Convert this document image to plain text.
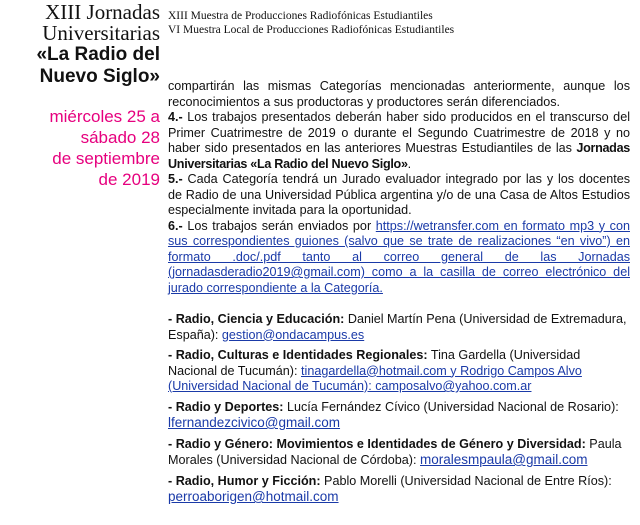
XIII Jornadas
Universitarias
«La Radio del
Nuevo Siglo»
miércoles 25 a
sábado 28
de septiembre
de 2019
XIII Muestra de Producciones Radiofónicas Estudiantiles
VI Muestra Local de Producciones Radiofónicas Estudiantiles

compartirán las mismas Categorías mencionadas anteriormente, aunque los reconocimientos a sus productoras y productores serán diferenciados.

4.- Los trabajos presentados deberán haber sido producidos en el transcurso del Primer Cuatrimestre de 2019 o durante el Segundo Cuatrimestre de 2018 y no haber sido presentados en las anteriores Muestras Estudiantiles de las Jornadas Universitarias «La Radio del Nuevo Siglo».

5.- Cada Categoría tendrá un Jurado evaluador integrado por las y los docentes de Radio de una Universidad Pública argentina y/o de una Casa de Altos Estudios especialmente invitada para la oportunidad.

6.- Los trabajos serán enviados por https://wetransfer.com en formato mp3 y con sus correspondientes guiones (salvo que se trate de realizaciones “en vivo”) en formato .doc/.pdf tanto al correo general de las Jornadas (jornadasderadio2019@gmail.com) como a la casilla de correo electrónico del jurado correspondiente a la Categoría.

- Radio, Ciencia y Educación: Daniel Martín Pena (Universidad de Extremadura, España): gestion@ondacampus.es

- Radio, Culturas e Identidades Regionales: Tina Gardella (Universidad Nacional de Tucumán): tinagardella@hotmail.com y Rodrigo Campos Alvo (Universidad Nacional de Tucumán): camposalvo@yahoo.com.ar

- Radio y Deportes: Lucía Fernández Cívico (Universidad Nacional de Rosario): lfernandezcivico@gmail.com

- Radio y Género: Movimientos e Identidades de Género y Diversidad: Paula Morales (Universidad Nacional de Córdoba): moralesmpaula@gmail.com

- Radio, Humor y Ficción: Pablo Morelli (Universidad Nacional de Entre Ríos): perroaborigen@hotmail.com
